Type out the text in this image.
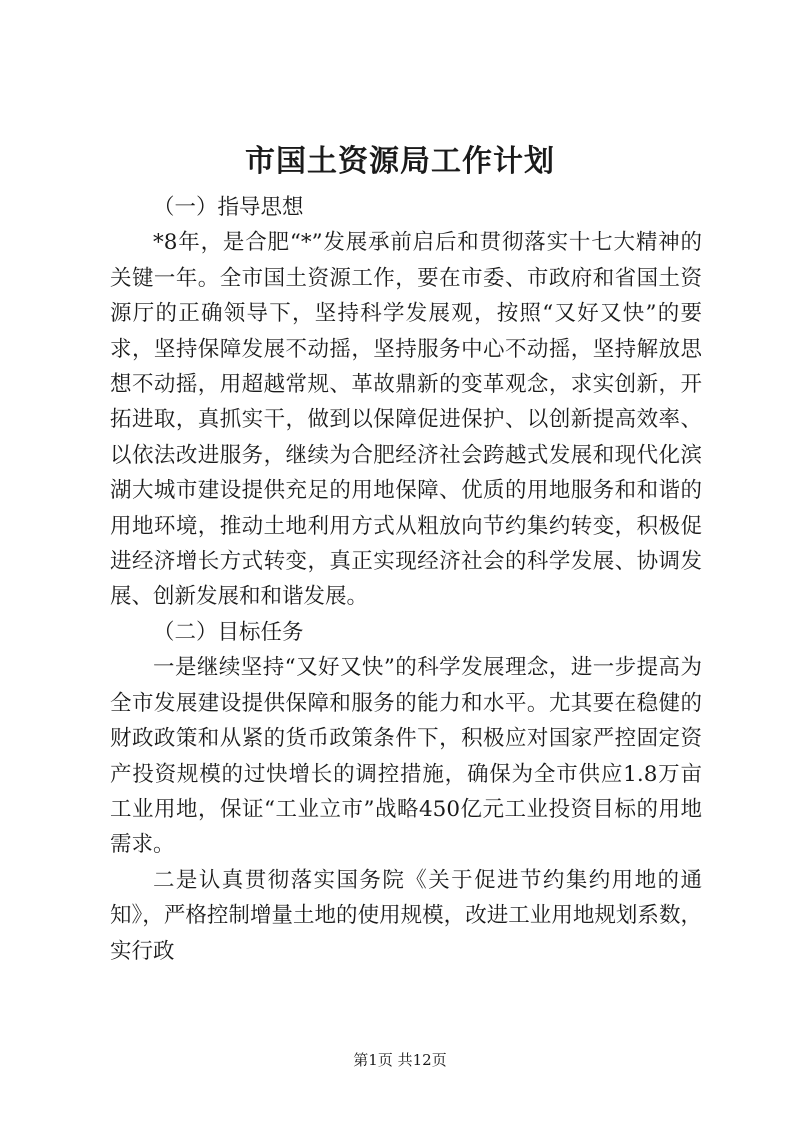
市国土资源局工作计划

（一）指导思想

*8年，是合肥“*”发展承前启后和贯彻落实十七大精神的关键一年。全市国土资源工作，要在市委、市政府和省国土资源厅的正确领导下，坚持科学发展观，按照“又好又快”的要求，坚持保障发展不动摇，坚持服务中心不动摇，坚持解放思想不动摇，用超越常规、革故鼎新的变革观念，求实创新，开拓进取，真抓实干，做到以保障促进保护、以创新提高效率、以依法改进服务，继续为合肥经济社会跨越式发展和现代化滨湖大城市建设提供充足的用地保障、优质的用地服务和和谐的用地环境，推动土地利用方式从粗放向节约集约转变，积极促进经济增长方式转变，真正实现经济社会的科学发展、协调发展、创新发展和和谐发展。

（二）目标任务

一是继续坚持“又好又快”的科学发展理念，进一步提高为全市发展建设提供保障和服务的能力和水平。尤其要在稳健的财政政策和从紧的货币政策条件下，积极应对国家严控固定资产投资规模的过快增长的调控措施，确保为全市供应1.8万亩工业用地，保证“工业立市”战略450亿元工业投资目标的用地需求。

二是认真贯彻落实国务院《关于促进节约集约用地的通知》，严格控制增量土地的使用规模，改进工业用地规划系数，实行政

第1页 共12页
